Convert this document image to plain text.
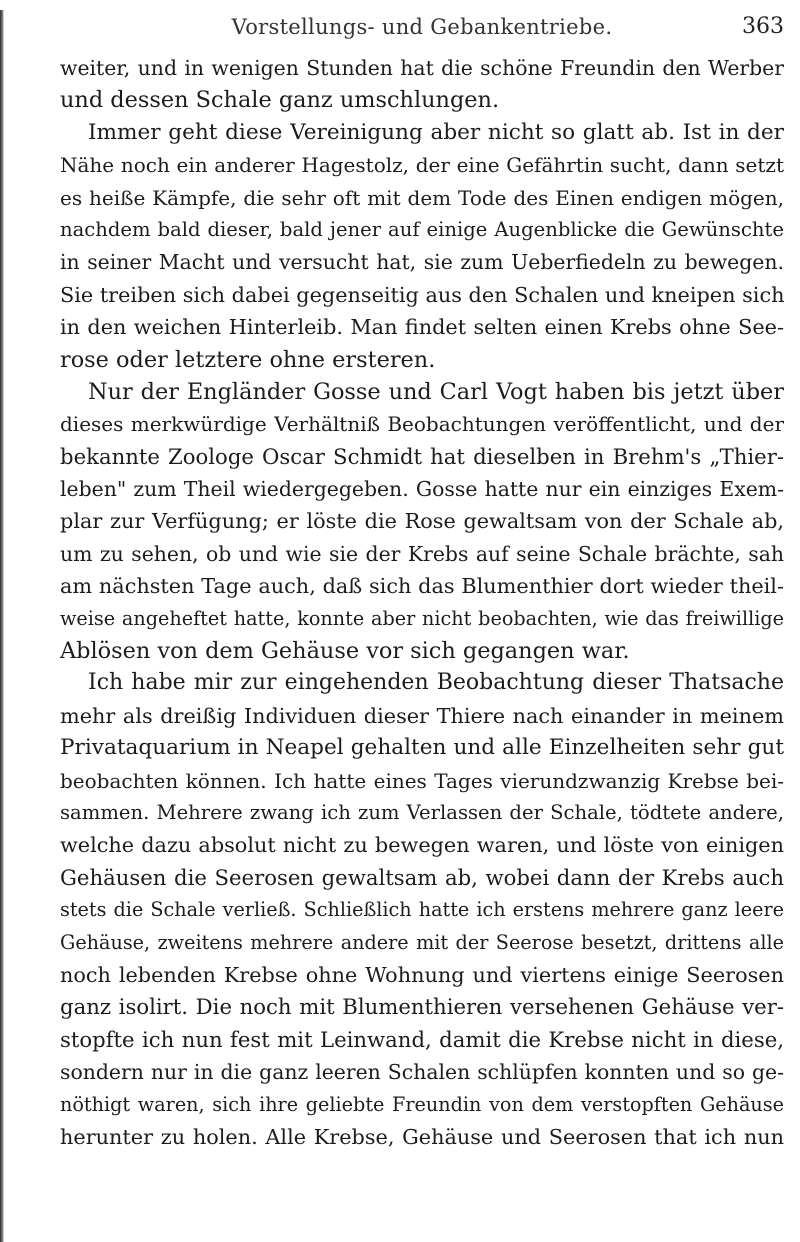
Vorstellungs- und Gebankentriebe.	363
weiter, und in wenigen Stunden hat die schöne Freundin den Werber
und dessen Schale ganz umschlungen.
Immer geht diese Vereinigung aber nicht so glatt ab. Ist in der
Nähe noch ein anderer Hagestolz, der eine Gefährtin sucht, dann setzt
es heiße Kämpfe, die sehr oft mit dem Tode des Einen endigen mögen,
nachdem bald dieser, bald jener auf einige Augenblicke die Gewünschte
in seiner Macht und versucht hat, sie zum Ueberfiedeln zu bewegen.
Sie treiben sich dabei gegenseitig aus den Schalen und kneipen sich
in den weichen Hinterleib. Man findet selten einen Krebs ohne See-
rose oder letztere ohne ersteren.
Nur der Engländer Gosse und Carl Vogt haben bis jetzt über
dieses merkwürdige Verhältniß Beobachtungen veröffentlicht, und der
bekannte Zoologe Oscar Schmidt hat dieselben in Brehm's „Thier-
leben" zum Theil wiedergegeben. Gosse hatte nur ein einziges Exem-
plar zur Verfügung; er löste die Rose gewaltsam von der Schale ab,
um zu sehen, ob und wie sie der Krebs auf seine Schale brächte, sah
am nächsten Tage auch, daß sich das Blumenthier dort wieder theil-
weise angeheftet hatte, konnte aber nicht beobachten, wie das freiwillige
Ablösen von dem Gehäuse vor sich gegangen war.
Ich habe mir zur eingehenden Beobachtung dieser Thatsache
mehr als dreißig Individuen dieser Thiere nach einander in meinem
Privataquarium in Neapel gehalten und alle Einzelheiten sehr gut
beobachten können. Ich hatte eines Tages vierundzwanzig Krebse bei-
sammen. Mehrere zwang ich zum Verlassen der Schale, tödtete andere,
welche dazu absolut nicht zu bewegen waren, und löste von einigen
Gehäusen die Seerosen gewaltsam ab, wobei dann der Krebs auch
stets die Schale verließ. Schließlich hatte ich erstens mehrere ganz leere
Gehäuse, zweitens mehrere andere mit der Seerose besetzt, drittens alle
noch lebenden Krebse ohne Wohnung und viertens einige Seerosen
ganz isolirt. Die noch mit Blumenthieren versehenen Gehäuse ver-
stopfte ich nun fest mit Leinwand, damit die Krebse nicht in diese,
sondern nur in die ganz leeren Schalen schlüpfen konnten und so ge-
nöthigt waren, sich ihre geliebte Freundin von dem verstopften Gehäuse
herunter zu holen. Alle Krebse, Gehäuse und Seerosen that ich nun
